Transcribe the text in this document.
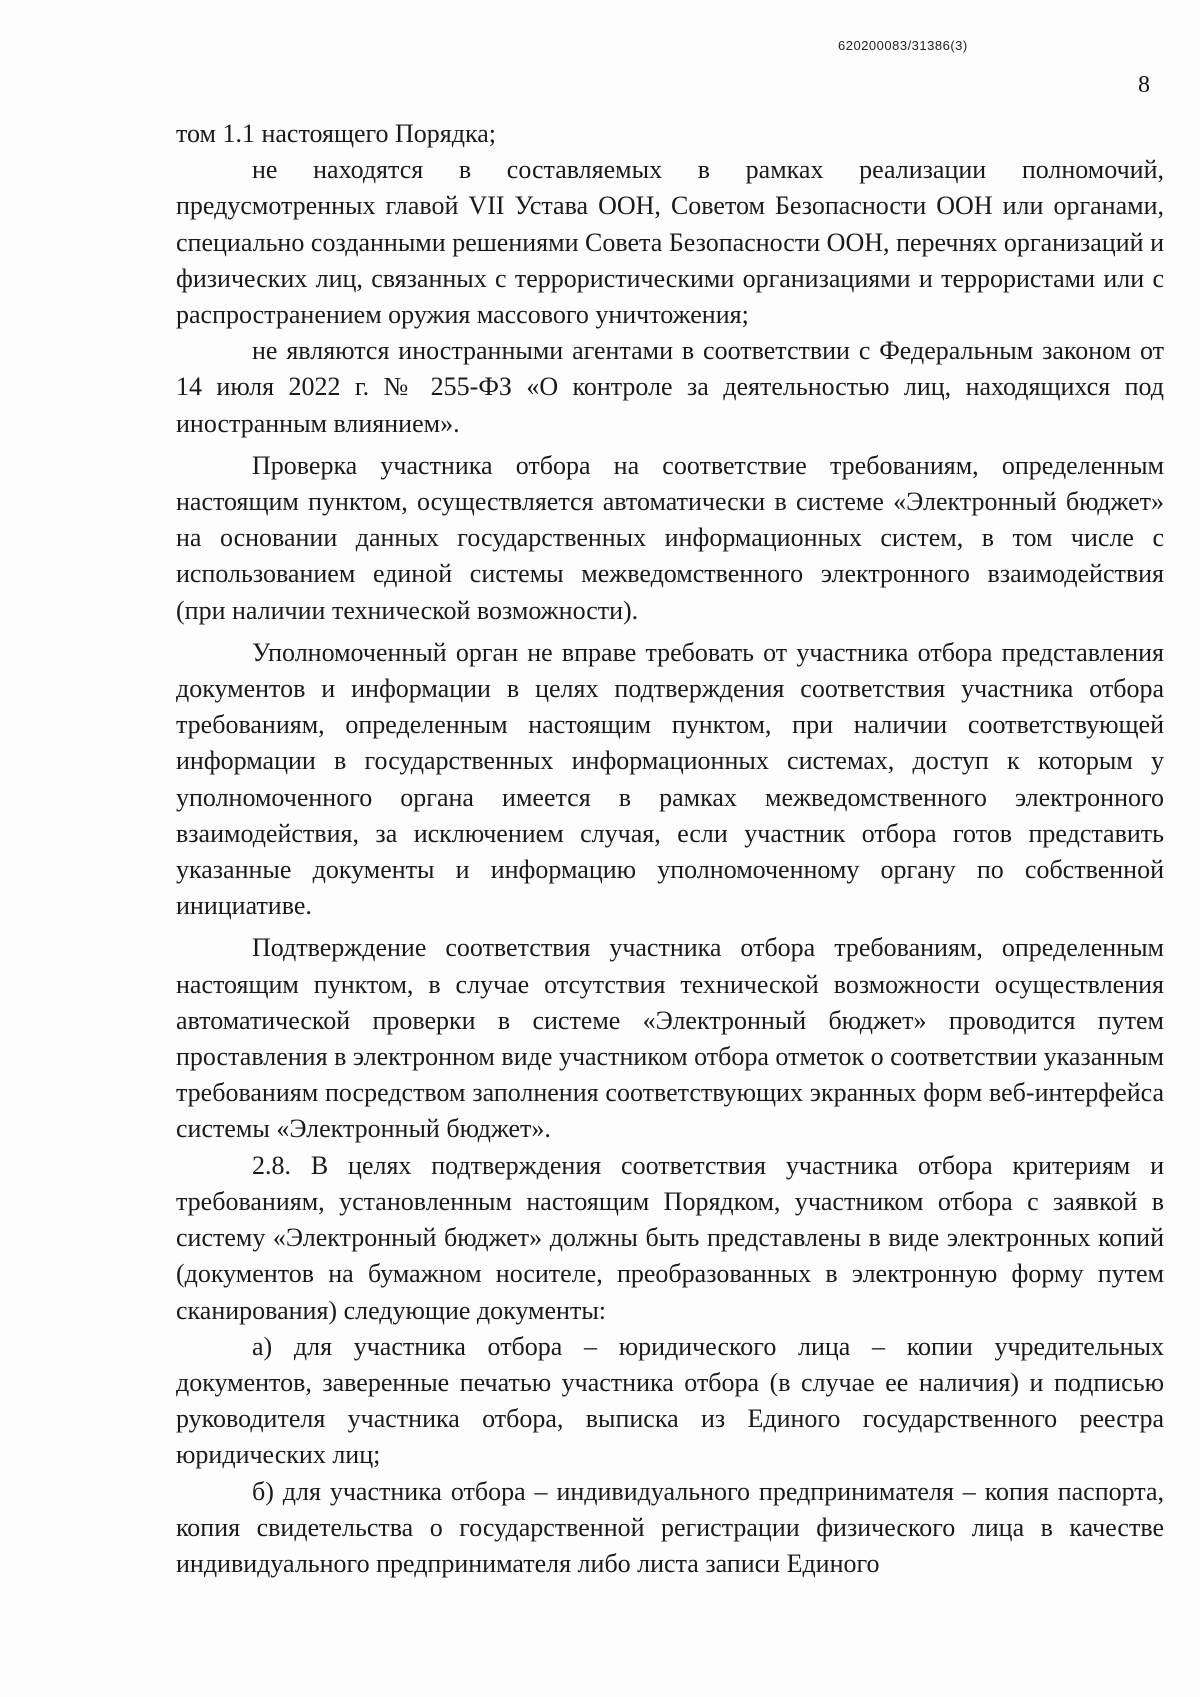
620200083/31386(3)
8

том 1.1 настоящего Порядка;

не находятся в составляемых в рамках реализации полномочий, предусмотренных главой VII Устава ООН, Советом Безопасности ООН или органами, специально созданными решениями Совета Безопасности ООН, перечнях организаций и физических лиц, связанных с террористическими организациями и террористами или с распространением оружия массового уничтожения;

не являются иностранными агентами в соответствии с Федеральным законом от 14 июля 2022 г. № 255-ФЗ «О контроле за деятельностью лиц, находящихся под иностранным влиянием».

Проверка участника отбора на соответствие требованиям, определенным настоящим пунктом, осуществляется автоматически в системе «Электронный бюджет» на основании данных государственных информационных систем, в том числе с использованием единой системы межведомственного электронного взаимодействия (при наличии технической возможности).

Уполномоченный орган не вправе требовать от участника отбора представления документов и информации в целях подтверждения соответствия участника отбора требованиям, определенным настоящим пунктом, при наличии соответствующей информации в государственных информационных системах, доступ к которым у уполномоченного органа имеется в рамках межведомственного электронного взаимодействия, за исключением случая, если участник отбора готов представить указанные документы и информацию уполномоченному органу по собственной инициативе.

Подтверждение соответствия участника отбора требованиям, определенным настоящим пунктом, в случае отсутствия технической возможности осуществления автоматической проверки в системе «Электронный бюджет» проводится путем проставления в электронном виде участником отбора отметок о соответствии указанным требованиям посредством заполнения соответствующих экранных форм веб-интерфейса системы «Электронный бюджет».

2.8. В целях подтверждения соответствия участника отбора критериям и требованиям, установленным настоящим Порядком, участником отбора с заявкой в систему «Электронный бюджет» должны быть представлены в виде электронных копий (документов на бумажном носителе, преобразованных в электронную форму путем сканирования) следующие документы:

а) для участника отбора – юридического лица – копии учредительных документов, заверенные печатью участника отбора (в случае ее наличия) и подписью руководителя участника отбора, выписка из Единого государственного реестра юридических лиц;

б) для участника отбора – индивидуального предпринимателя – копия паспорта, копия свидетельства о государственной регистрации физического лица в качестве индивидуального предпринимателя либо листа записи Единого
